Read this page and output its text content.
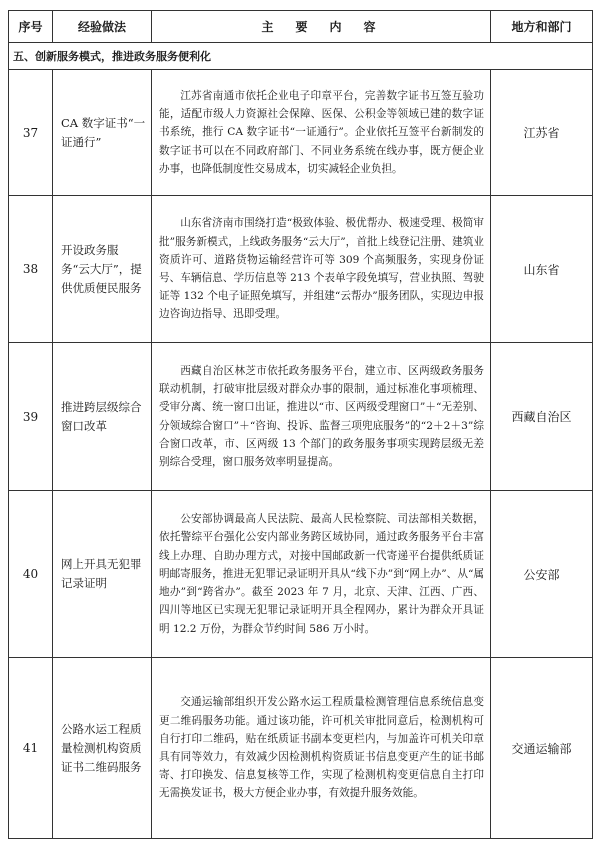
序号	经验做法	主　要　内　容	地方和部门
五、创新服务模式，推进政务服务便利化			
37	CA 数字证书“一证通行”	江苏省南通市依托企业电子印章平台，完善数字证书互签互验功能，适配市级人力资源社会保障、医保、公积金等领域已建的数字证书系统，推行 CA 数字证书“一证通行”。企业依托互签平台新制发的数字证书可以在不同政府部门、不同业务系统在线办事，既方便企业办事，也降低制度性交易成本，切实减轻企业负担。	江苏省
38	开设政务服务“云大厅”，提供优质便民服务	山东省济南市围绕打造“极致体验、极优帮办、极速受理、极简审批”服务新模式，上线政务服务“云大厅”，首批上线登记注册、建筑业资质许可、道路货物运输经营许可等 309 个高频服务，实现身份证号、车辆信息、学历信息等 213 个表单字段免填写，营业执照、驾驶证等 132 个电子证照免填写，并组建“云帮办”服务团队，实现边申报边咨询边指导、迅即受理。	山东省
39	推进跨层级综合窗口改革	西藏自治区林芝市依托政务服务平台，建立市、区两级政务服务联动机制，打破审批层级对群众办事的限制，通过标准化事项梳理、受审分离、统一窗口出证，推进以“市、区两级受理窗口”＋“无差别、分领域综合窗口”＋“咨询、投诉、监督三项兜底服务”的“2＋2＋3”综合窗口改革，市、区两级 13 个部门的政务服务事项实现跨层级无差别综合受理，窗口服务效率明显提高。	西藏自治区
40	网上开具无犯罪记录证明	公安部协调最高人民法院、最高人民检察院、司法部相关数据，依托警综平台强化公安内部业务跨区域协同，通过政务服务平台丰富线上办理、自助办理方式，对接中国邮政新一代寄递平台提供纸质证明邮寄服务，推进无犯罪记录证明开具从“线下办”到“网上办”、从“属地办”到“跨省办”。截至 2023 年 7 月，北京、天津、江西、广西、四川等地区已实现无犯罪记录证明开具全程网办，累计为群众开具证明 12.2 万份，为群众节约时间 586 万小时。	公安部
41	公路水运工程质量检测机构资质证书二维码服务	交通运输部组织开发公路水运工程质量检测管理信息系统信息变更二维码服务功能。通过该功能，许可机关审批同意后，检测机构可自行打印二维码，贴在纸质证书副本变更栏内，与加盖许可机关印章具有同等效力，有效减少因检测机构资质证书信息变更产生的证书邮寄、打印换发、信息复核等工作，实现了检测机构变更信息自主打印无需换发证书，极大方便企业办事，有效提升服务效能。	交通运输部
